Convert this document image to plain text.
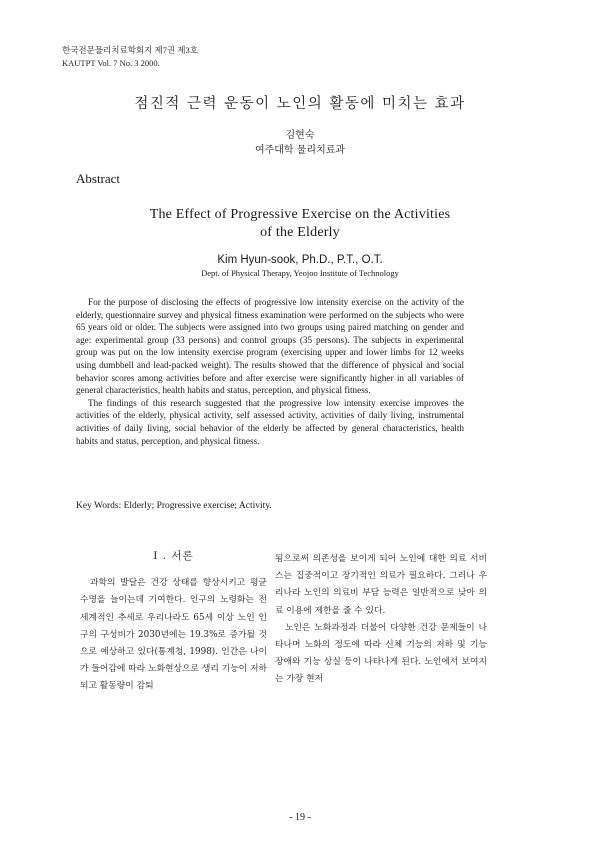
한국전문물리치료학회지 제7권 제3호
KAUTPT Vol. 7 No. 3 2000.
점진적 근력 운동이 노인의 활동에 미치는 효과
김현숙
여주대학 물리치료과
Abstract
The Effect of Progressive Exercise on the Activities
of the Elderly
Kim Hyun-sook, Ph.D., P.T., O.T.
Dept. of Physical Therapy, Yeojoo Institute of Technology

For the purpose of disclosing the effects of progressive low intensity exercise on the activity of the elderly, questionnaire survey and physical fitness examination were performed on the subjects who were 65 years old or older. The subjects were assigned into two groups using paired matching on gender and age: experimental group (33 persons) and control groups (35 persons). The subjects in experimental group was put on the low intensity exercise program (exercising upper and lower limbs for 12 weeks using dumbbell and lead-packed weight). The results showed that the difference of physical and social behavior scores among activities before and after exercise were significantly higher in all variables of general characteristics, health habits and status, perception, and physical fitness.

The findings of this research suggested that the progressive low intensity exercise improves the activities of the elderly, physical activity, self assessed activity, activities of daily living, instrumental activities of daily living, social behavior of the elderly be affected by general characteristics, health habits and status, perception, and physical fitness.

Key Words: Elderly; Progressive exercise; Activity.

I . 서론

과학의 발달은 건강 상태를 향상시키고 평균 수명을 늘이는데 기여한다. 인구의 노령화는 전 세계적인 추세로 우리나라도 65세 이상 노인 인구의 구성비가 2030년에는 19.3%로 증가될 것으로 예상하고 있다(통계청, 1998). 인간은 나이가 들어감에 따라 노화현상으로 생리 기능이 저하되고 활동량이 감퇴

됨으로써 의존성을 보이게 되어 노인에 대한 의료 서비스는 집중적이고 장기적인 의료가 필요하다. 그러나 우리나라 노인의 의료비 부담 능력은 일반적으로 낮아 의료 이용에 제한을 줄 수 있다.

노인은 노화과정과 더불어 다양한 건강 문제들이 나타나며 노화의 정도에 따라 신체 기능의 저하 및 기능 장애와 기능 상실 등이 나타나게 된다. 노인에서 보여지는 가장 현저

- 19 -
